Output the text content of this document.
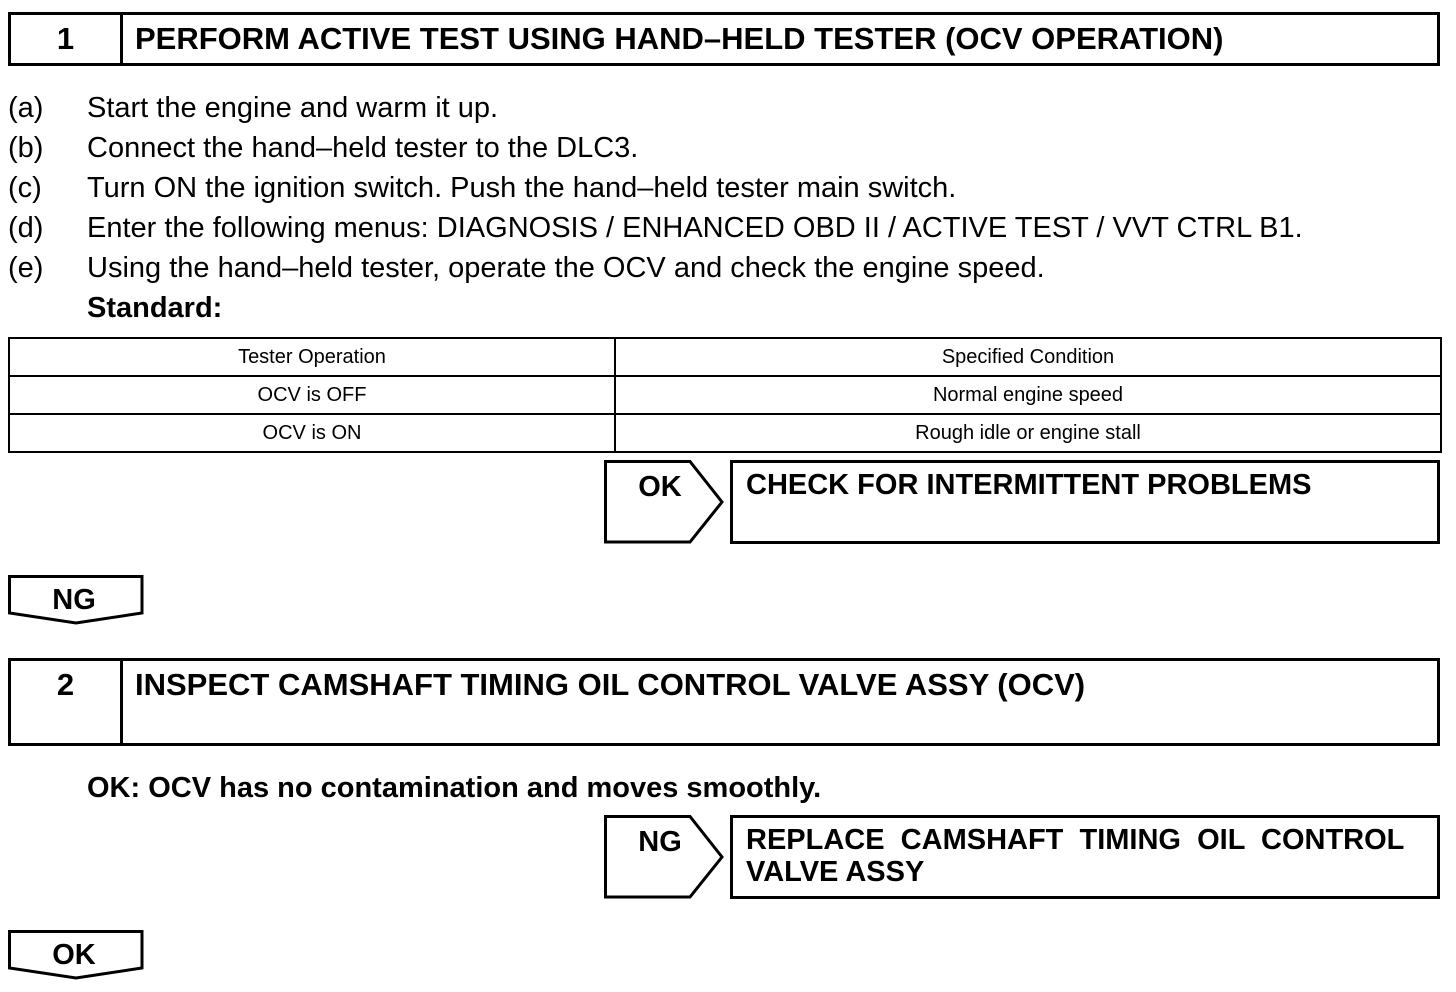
1	PERFORM ACTIVE TEST USING HAND–HELD TESTER (OCV OPERATION)
(a)	Start the engine and warm it up.
(b)	Connect the hand–held tester to the DLC3.
(c)	Turn ON the ignition switch. Push the hand–held tester main switch.
(d)	Enter the following menus: DIAGNOSIS / ENHANCED OBD II / ACTIVE TEST / VVT CTRL B1.
(e)	Using the hand–held tester, operate the OCV and check the engine speed.
Standard:
Tester Operation	Specified Condition
OCV is OFF	Normal engine speed
OCV is ON	Rough idle or engine stall
OK CHECK FOR INTERMITTENT PROBLEMS
NG
2	INSPECT CAMSHAFT TIMING OIL CONTROL VALVE ASSY (OCV)
OK: OCV has no contamination and moves smoothly.
NG REPLACE  CAMSHAFT  TIMING  OIL  CONTROL
VALVE ASSY
OK
